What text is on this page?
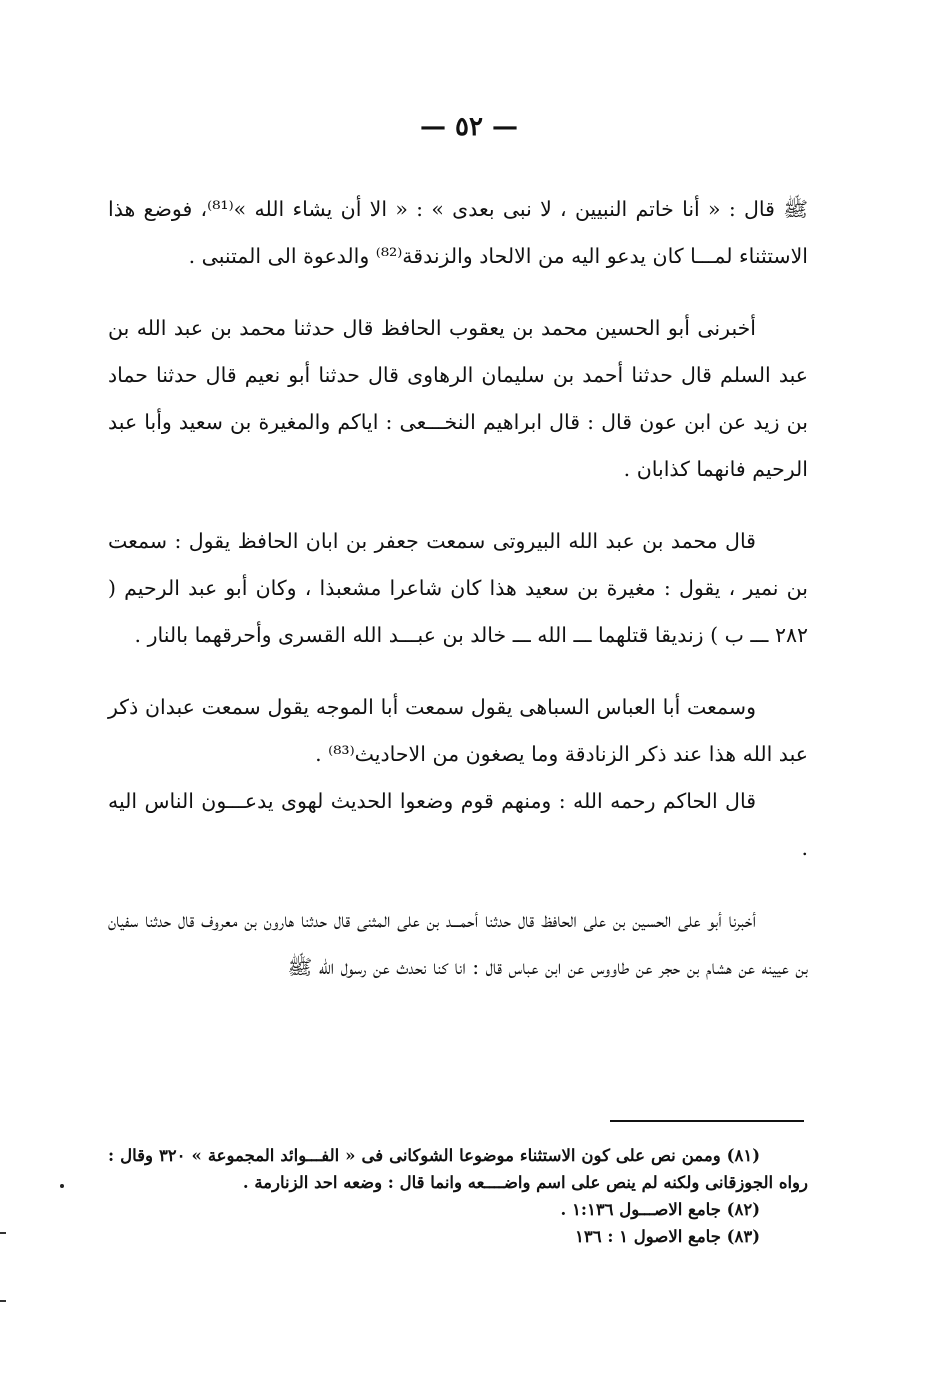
— ٥٢ —

ﷺ قال : « أنا خاتم النبيين ، لا نبى بعدى » : « الا أن يشاء الله »⁽⁸¹⁾، فوضع هذا الاستثناء لمـــا كان يدعو اليه من الالحاد والزندقة⁽⁸²⁾ والدعوة الى المتنبى .

أخبرنى أبو الحسين محمد بن يعقوب الحافظ قال حدثنا محمد بن عبد الله بن عبد السلم قال حدثنا أحمد بن سليمان الرهاوى قال حدثنا أبو نعيم قال حدثنا حماد بن زيد عن ابن عون قال : قال ابراهيم النخـــعى : اياكم والمغيرة بن سعيد وأبا عبد الرحيم فانهما كذابان .

قال محمد بن عبد الله البيروتى سمعت جعفر بن ابان الحافظ يقول : سمعت بن نمير ، يقول : مغيرة بن سعيد هذا كان شاعرا مشعبذا ، وكان أبو عبد الرحيم ( ٢٨٢ ـــ ب ) زنديقا قتلهما ـــ الله ـــ خالد بن عبـــد الله القسرى وأحرقهما بالنار .

وسمعت أبا العباس السباهى يقول سمعت أبا الموجه يقول سمعت عبدان ذكر عبد الله هذا عند ذكر الزنادقة وما يصغون من الاحاديث⁽⁸³⁾ .

قال الحاكم رحمه الله : ومنهم قوم وضعوا الحديث لهوى يدعـــون الناس اليه .

أخبرنا أبو على الحسين بن على الحافظ قال حدثنا أحمـــد بن على المثنى قال حدثنا هارون بن معروف قال حدثنا سفيان بن عيينه عن هشام بن حجر عن طاووس عن ابن عباس قال : انا كنا نحدث عن رسول الله ﷺ

(٨١) وممن نص على كون الاستثناء موضوعا الشوكانى فى « الفـــوائد المجموعة » ٣٢٠ وقال : رواه الجوزقانى ولكنه لم ينص على اسم واضــــعه وانما قال : وضعه احد الزنارمة .

(٨٢) جامع الاصـــول ١:١٣٦ .

(٨٣) جامع الاصول ١ : ١٣٦
